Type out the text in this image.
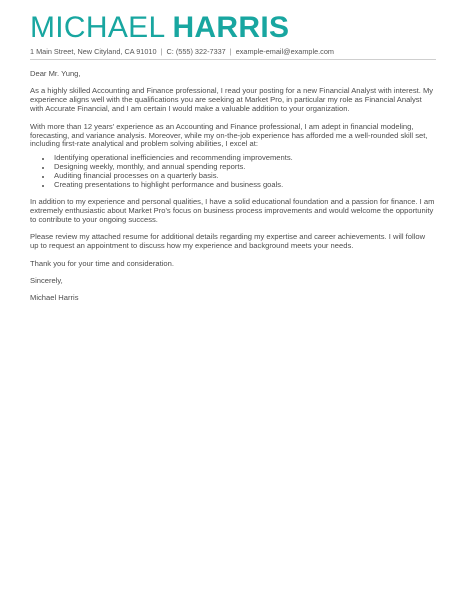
MICHAEL HARRIS
1 Main Street, New Cityland, CA 91010 | C: (555) 322-7337 | example-email@example.com

Dear Mr. Yung,

As a highly skilled Accounting and Finance professional, I read your posting for a new Financial Analyst with interest. My experience aligns well with the qualifications you are seeking at Market Pro, in particular my role as Financial Analyst with Accurate Financial, and I am certain I would make a valuable addition to your organization.

With more than 12 years' experience as an Accounting and Finance professional, I am adept in financial modeling, forecasting, and variance analysis. Moreover, while my on-the-job experience has afforded me a well-rounded skill set, including first-rate analytical and problem solving abilities, I excel at:

• Identifying operational inefficiencies and recommending improvements.
• Designing weekly, monthly, and annual spending reports.
• Auditing financial processes on a quarterly basis.
• Creating presentations to highlight performance and business goals.

In addition to my experience and personal qualities, I have a solid educational foundation and a passion for finance. I am extremely enthusiastic about Market Pro's focus on business process improvements and would welcome the opportunity to contribute to your ongoing success.

Please review my attached resume for additional details regarding my expertise and career achievements. I will follow up to request an appointment to discuss how my experience and background meets your needs.

Thank you for your time and consideration.

Sincerely,

Michael Harris
